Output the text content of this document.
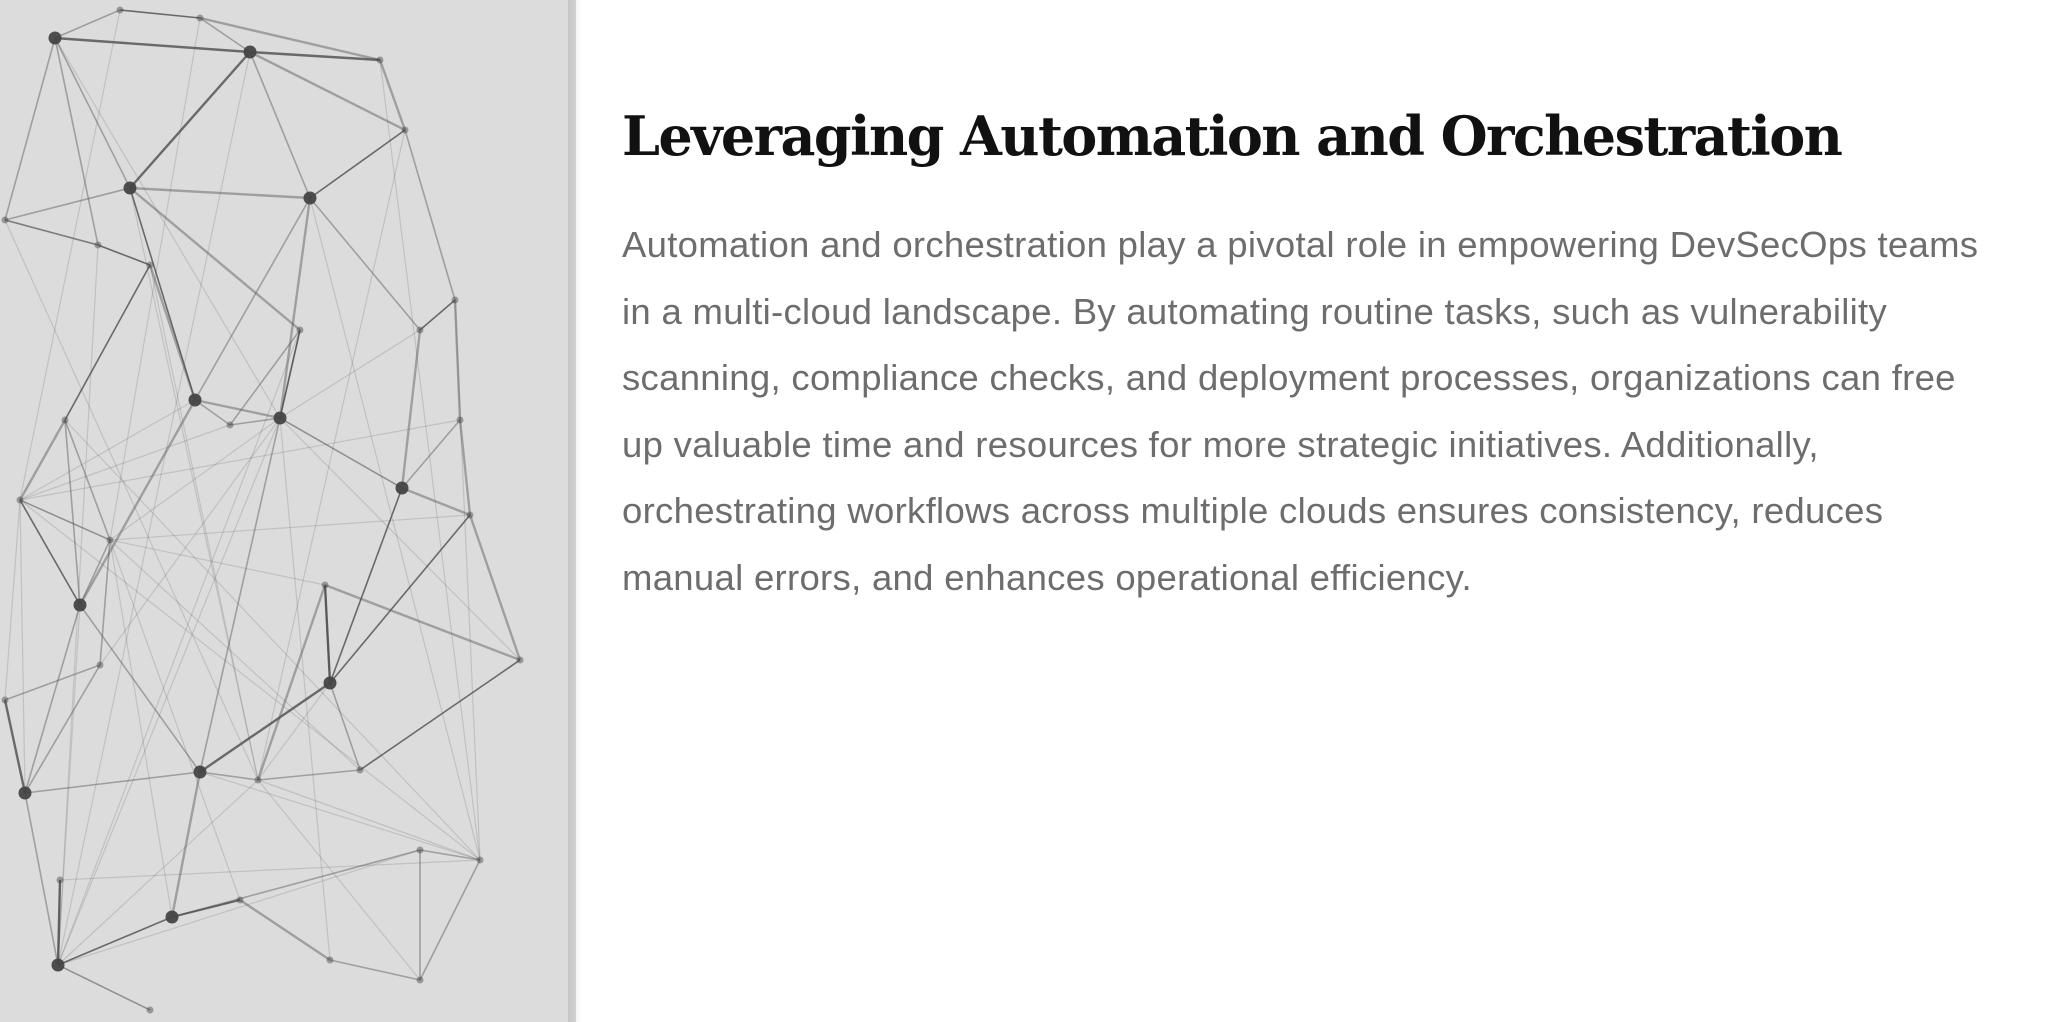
Leveraging Automation and Orchestration

Automation and orchestration play a pivotal role in empowering DevSecOps teams in a multi-cloud landscape. By automating routine tasks, such as vulnerability scanning, compliance checks, and deployment processes, organizations can free up valuable time and resources for more strategic initiatives. Additionally, orchestrating workflows across multiple clouds ensures consistency, reduces manual errors, and enhances operational efficiency.
